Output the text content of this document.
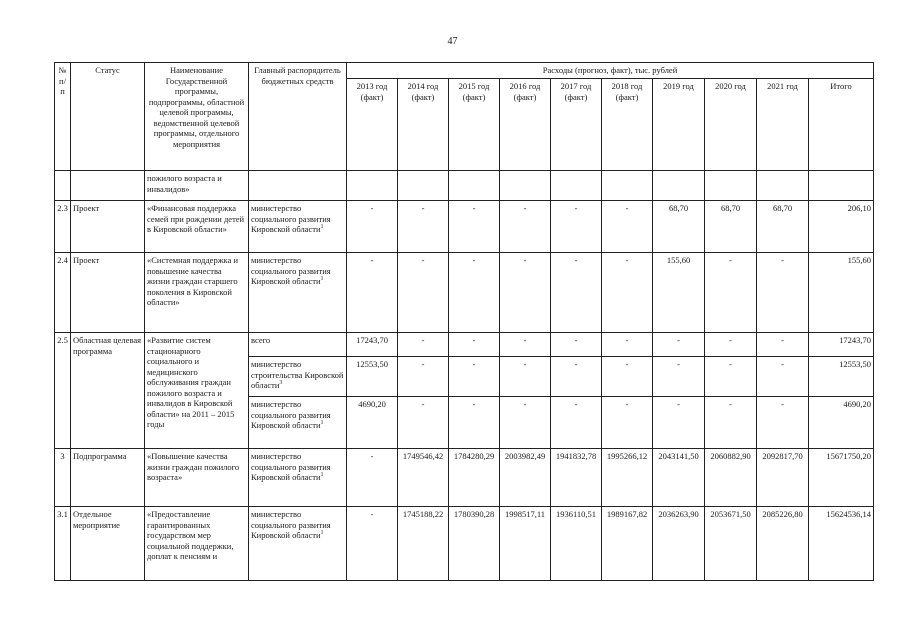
47
№ п/п	Статус	Наименование Государственной программы, подпрограммы, областной целевой программы, ведомственной целевой программы, отдельного мероприятия	Главный распорядитель бюджетных средств	Расходы (прогноз, факт), тыс. рублей									
				2013 год (факт)	2014 год (факт)	2015 год (факт)	2016 год (факт)	2017 год (факт)	2018 год (факт)	2019 год	2020 год	2021 год	Итого
		пожилого возраста и инвалидов»											
2.3	Проект	«Финансовая поддержка семей при рождении детей в Кировской области»	министерство социального развития Кировской области$^1$	-	-	-	-	-	-	68,70	68,70	68,70	206,10
2.4	Проект	«Системная поддержка и повышение качества жизни граждан старшего поколения в Кировской области»	министерство социального развития Кировской области$^1$	-	-	-	-	-	-	155,60	-	-	155,60
2.5	Областная целевая программа	«Развитие систем стационарного социального и медицинского обслуживания граждан пожилого возраста и инвалидов в Кировской области» на 2011 – 2015 годы	всего	17243,70	-	-	-	-	-	-	-	-	17243,70
			министерство строительства Кировской области$^3$	12553,50	-	-	-	-	-	-	-	-	12553,50
			министерство социального развития Кировской области$^1$	4690,20	-	-	-	-	-	-	-	-	4690,20
3	Подпрограмма	«Повышение качества жизни граждан пожилого возраста»	министерство социального развития Кировской области$^1$	-	1749546,42	1784280,29	2003982,49	1941832,78	1995266,12	2043141,50	2060882,90	2092817,70	15671750,20
3.1	Отдельное мероприятие	«Предоставление гарантированных государством мер социальной поддержки, доплат к пенсиям и	министерство социального развития Кировской области$^1$	-	1745188,22	1780390,28	1998517,11	1936110,51	1989167,82	2036263,90	2053671,50	2085226,80	15624536,14
